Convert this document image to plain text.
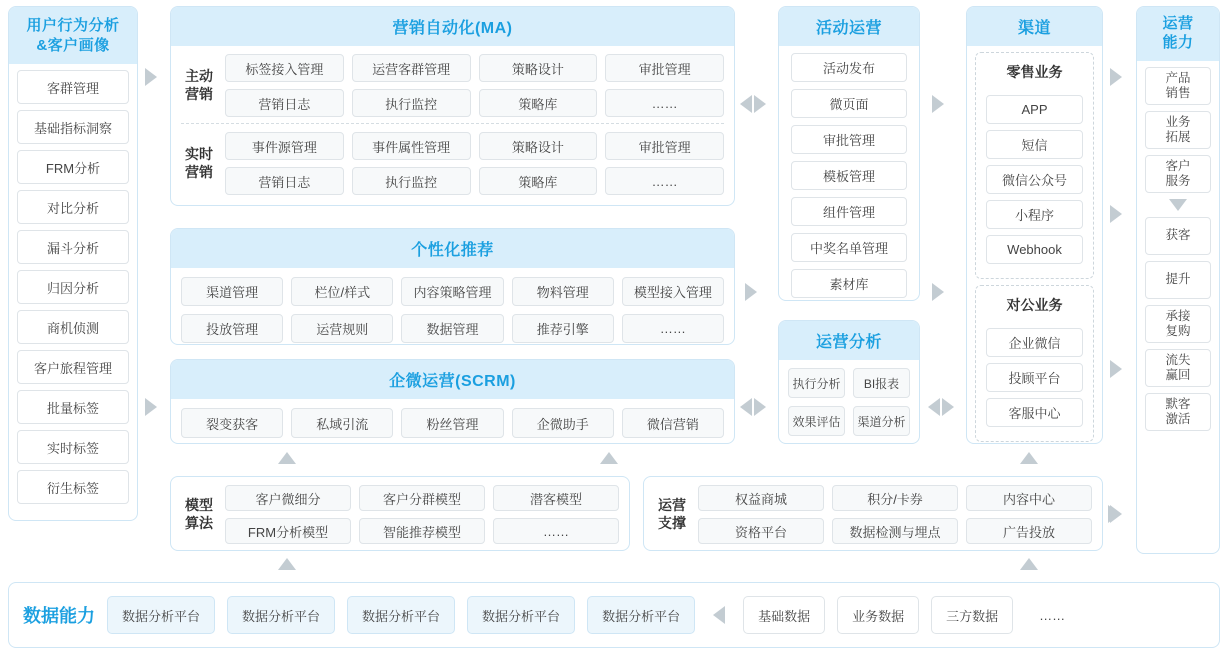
用户行为分析
&客户画像
客群管理
基础指标洞察
FRM分析
对比分析
漏斗分析
归因分析
商机侦测
客户旅程管理
批量标签
实时标签
衍生标签
营销自动化(MA)
主动
营销
标签接入管理	运营客群管理	策略设计	审批管理
营销日志	执行监控	策略库	……
实时
营销
事件源管理	事件属性管理	策略设计	审批管理
营销日志	执行监控	策略库	……
个性化推荐
渠道管理	栏位/样式	内容策略管理	物料管理	模型接入管理
投放管理	运营规则	数据管理	推荐引擎	……
企微运营(SCRM)
裂变获客	私域引流	粉丝管理	企微助手	微信营销
模型
算法
客户微细分	客户分群模型	潜客模型
FRM分析模型	智能推荐模型	……
运营
支撑
权益商城	积分/卡券	内容中心
资格平台	数据检测与埋点	广告投放
活动运营
活动发布
微页面
审批管理
模板管理
组件管理
中奖名单管理
素材库
运营分析
执行分析	BI报表
效果评估	渠道分析
渠道
零售业务
APP
短信
微信公众号
小程序
Webhook
对公业务
企业微信
投顾平台
客服中心
运营
能力
产品
销售
业务
拓展
客户
服务
获客
提升
承接
复购
流失
赢回
默客
激活
数据能力	数据分析平台	数据分析平台	数据分析平台	数据分析平台	数据分析平台	基础数据	业务数据	三方数据	……
